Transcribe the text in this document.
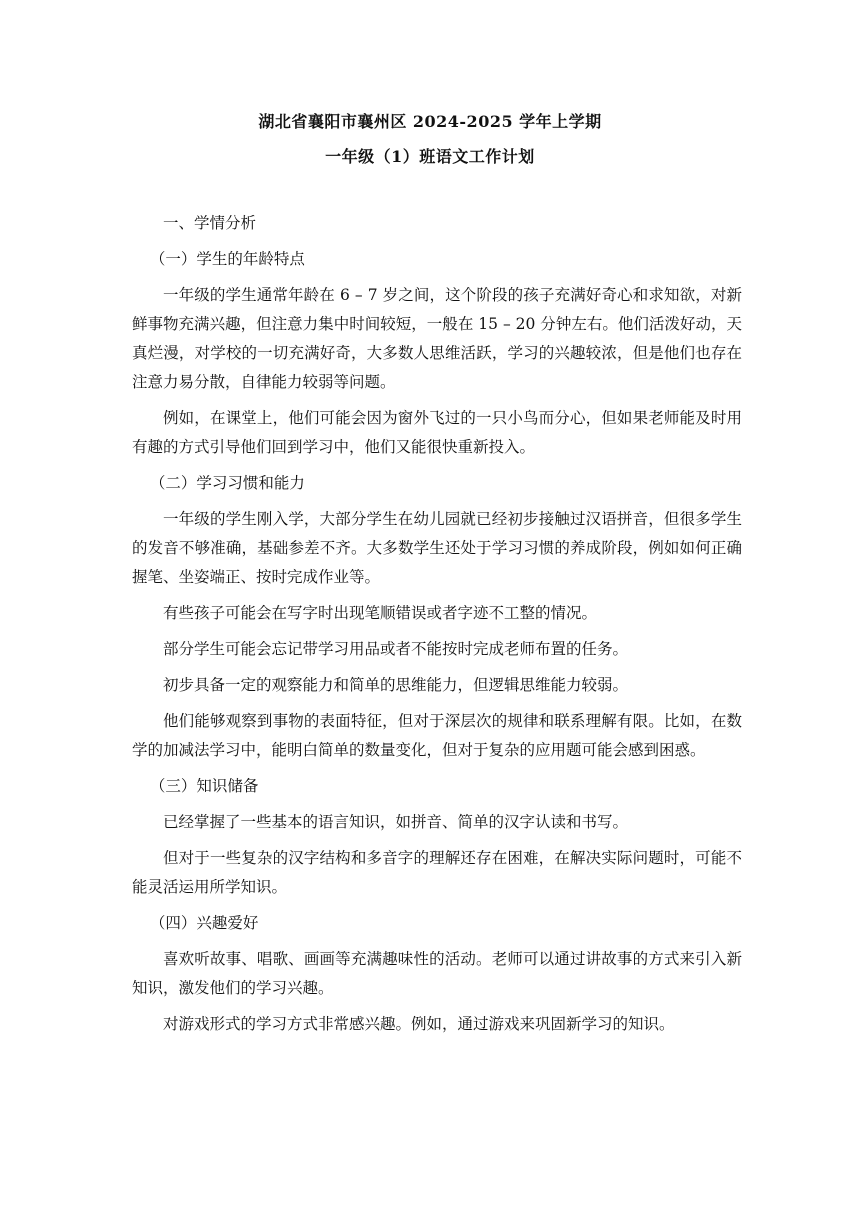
湖北省襄阳市襄州区 2024-2025 学年上学期
一年级（1）班语文工作计划

一、学情分析

（一）学生的年龄特点

一年级的学生通常年龄在 6 – 7 岁之间，这个阶段的孩子充满好奇心和求知欲，对新鲜事物充满兴趣，但注意力集中时间较短，一般在 15 – 20 分钟左右。他们活泼好动，天真烂漫，对学校的一切充满好奇，大多数人思维活跃，学习的兴趣较浓，但是他们也存在注意力易分散，自律能力较弱等问题。

例如，在课堂上，他们可能会因为窗外飞过的一只小鸟而分心，但如果老师能及时用有趣的方式引导他们回到学习中，他们又能很快重新投入。

（二）学习习惯和能力

一年级的学生刚入学，大部分学生在幼儿园就已经初步接触过汉语拼音，但很多学生的发音不够准确，基础参差不齐。大多数学生还处于学习习惯的养成阶段，例如如何正确握笔、坐姿端正、按时完成作业等。

有些孩子可能会在写字时出现笔顺错误或者字迹不工整的情况。

部分学生可能会忘记带学习用品或者不能按时完成老师布置的任务。

初步具备一定的观察能力和简单的思维能力，但逻辑思维能力较弱。

他们能够观察到事物的表面特征，但对于深层次的规律和联系理解有限。比如，在数学的加减法学习中，能明白简单的数量变化，但对于复杂的应用题可能会感到困惑。

（三）知识储备

已经掌握了一些基本的语言知识，如拼音、简单的汉字认读和书写。

但对于一些复杂的汉字结构和多音字的理解还存在困难，在解决实际问题时，可能不能灵活运用所学知识。

（四）兴趣爱好

喜欢听故事、唱歌、画画等充满趣味性的活动。老师可以通过讲故事的方式来引入新知识，激发他们的学习兴趣。

对游戏形式的学习方式非常感兴趣。例如，通过游戏来巩固新学习的知识。
